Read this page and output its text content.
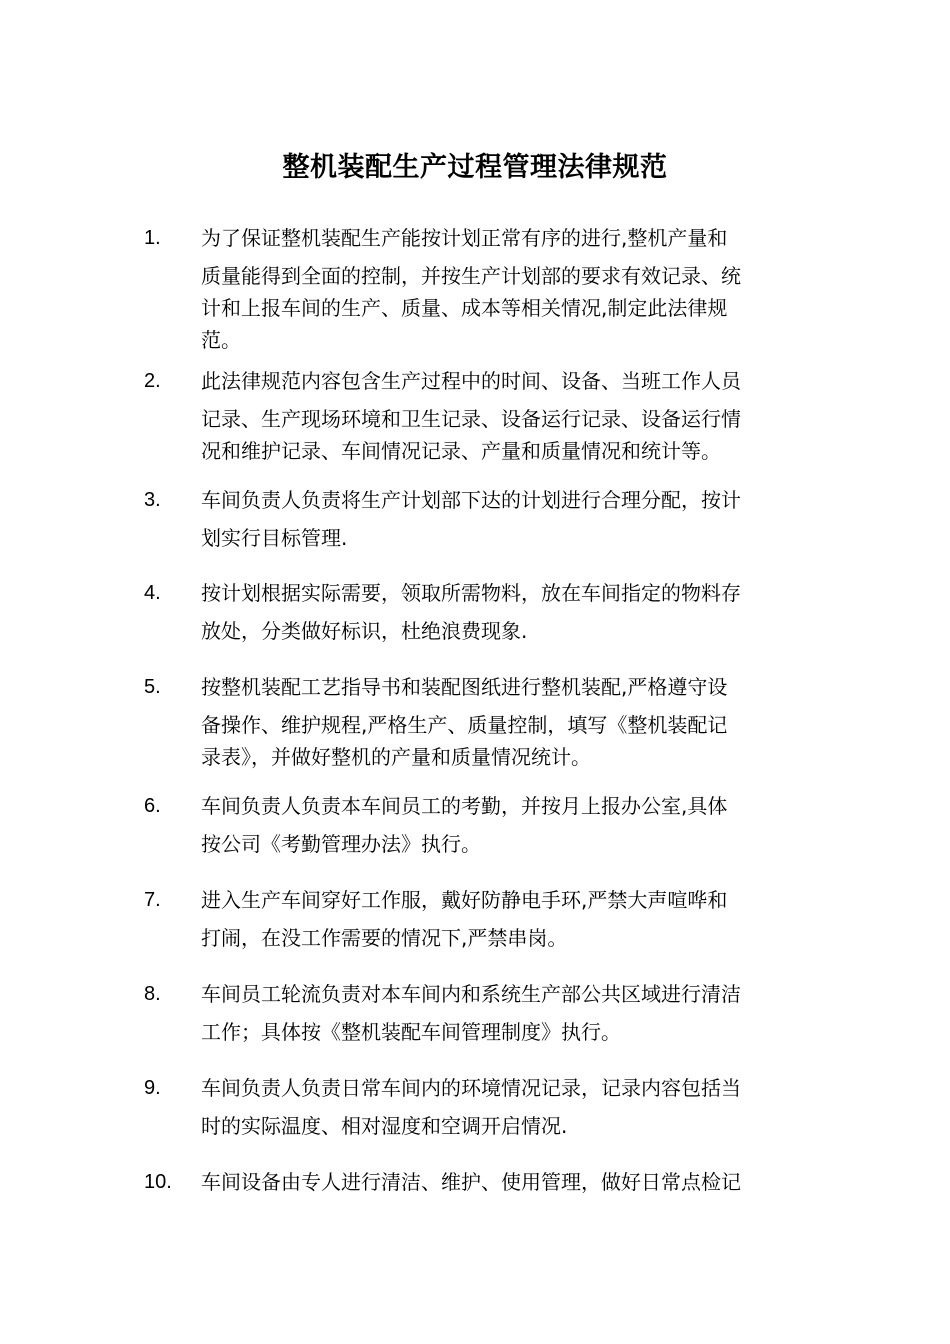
整机装配生产过程管理法律规范
1. 为了保证整机装配生产能按计划正常有序的进行,整机产量和
质量能得到全面的控制，并按生产计划部的要求有效记录、统
计和上报车间的生产、质量、成本等相关情况,制定此法律规
范。
2. 此法律规范内容包含生产过程中的时间、设备、当班工作人员
记录、生产现场环境和卫生记录、设备运行记录、设备运行情
况和维护记录、车间情况记录、产量和质量情况和统计等。
3. 车间负责人负责将生产计划部下达的计划进行合理分配，按计
划实行目标管理.
4. 按计划根据实际需要，领取所需物料，放在车间指定的物料存
放处，分类做好标识，杜绝浪费现象.
5. 按整机装配工艺指导书和装配图纸进行整机装配,严格遵守设
备操作、维护规程,严格生产、质量控制，填写《整机装配记
录表》，并做好整机的产量和质量情况统计。
6. 车间负责人负责本车间员工的考勤，并按月上报办公室,具体
按公司《考勤管理办法》执行。
7. 进入生产车间穿好工作服，戴好防静电手环,严禁大声喧哗和
打闹，在没工作需要的情况下,严禁串岗。
8. 车间员工轮流负责对本车间内和系统生产部公共区域进行清洁
工作；具体按《整机装配车间管理制度》执行。
9. 车间负责人负责日常车间内的环境情况记录，记录内容包括当
时的实际温度、相对湿度和空调开启情况.
10. 车间设备由专人进行清洁、维护、使用管理，做好日常点检记
